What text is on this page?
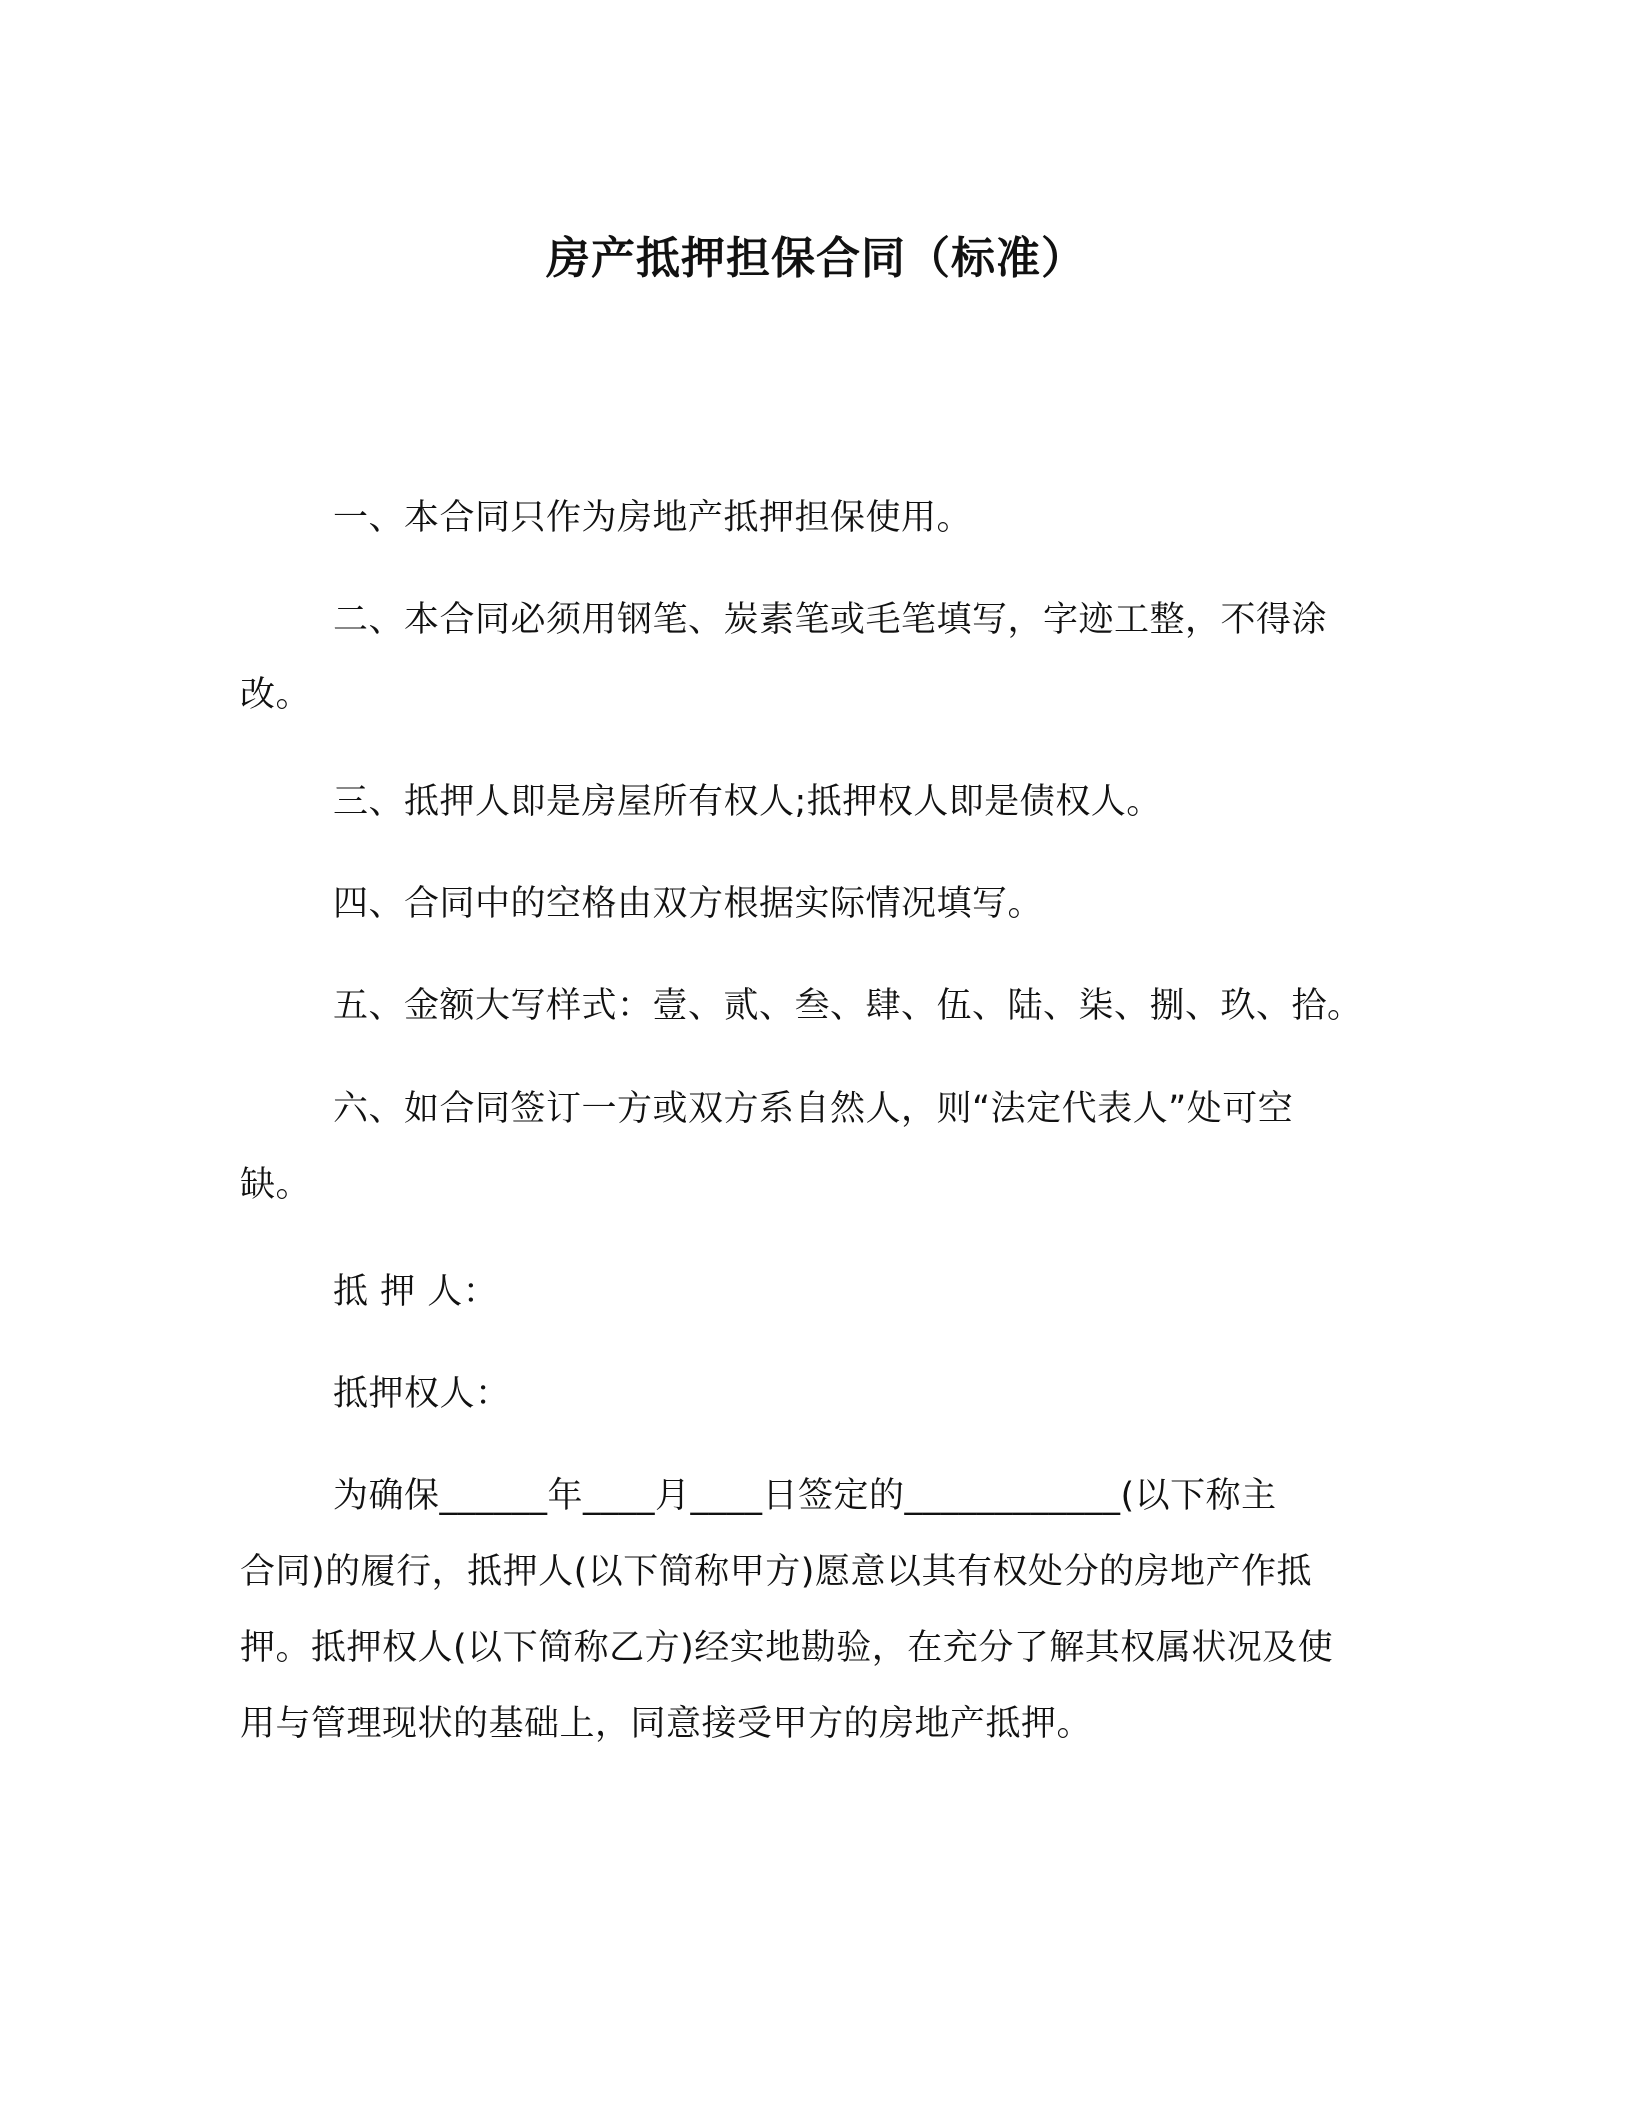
房产抵押担保合同（标准）
一、本合同只作为房地产抵押担保使用。
二、本合同必须用钢笔、炭素笔或毛笔填写，字迹工整，不得涂
改。
三、抵押人即是房屋所有权人;抵押权人即是债权人。
四、合同中的空格由双方根据实际情况填写。
五、金额大写样式：壹、贰、叁、肆、伍、陆、柒、捌、玖、拾。
六、如合同签订一方或双方系自然人，则“法定代表人”处可空
缺。
抵 押 人：
抵押权人：
为确保______年____月____日签定的____________(以下称主
合同)的履行，抵押人(以下简称甲方)愿意以其有权处分的房地产作抵
押。抵押权人(以下简称乙方)经实地勘验，在充分了解其权属状况及使
用与管理现状的基础上，同意接受甲方的房地产抵押。
